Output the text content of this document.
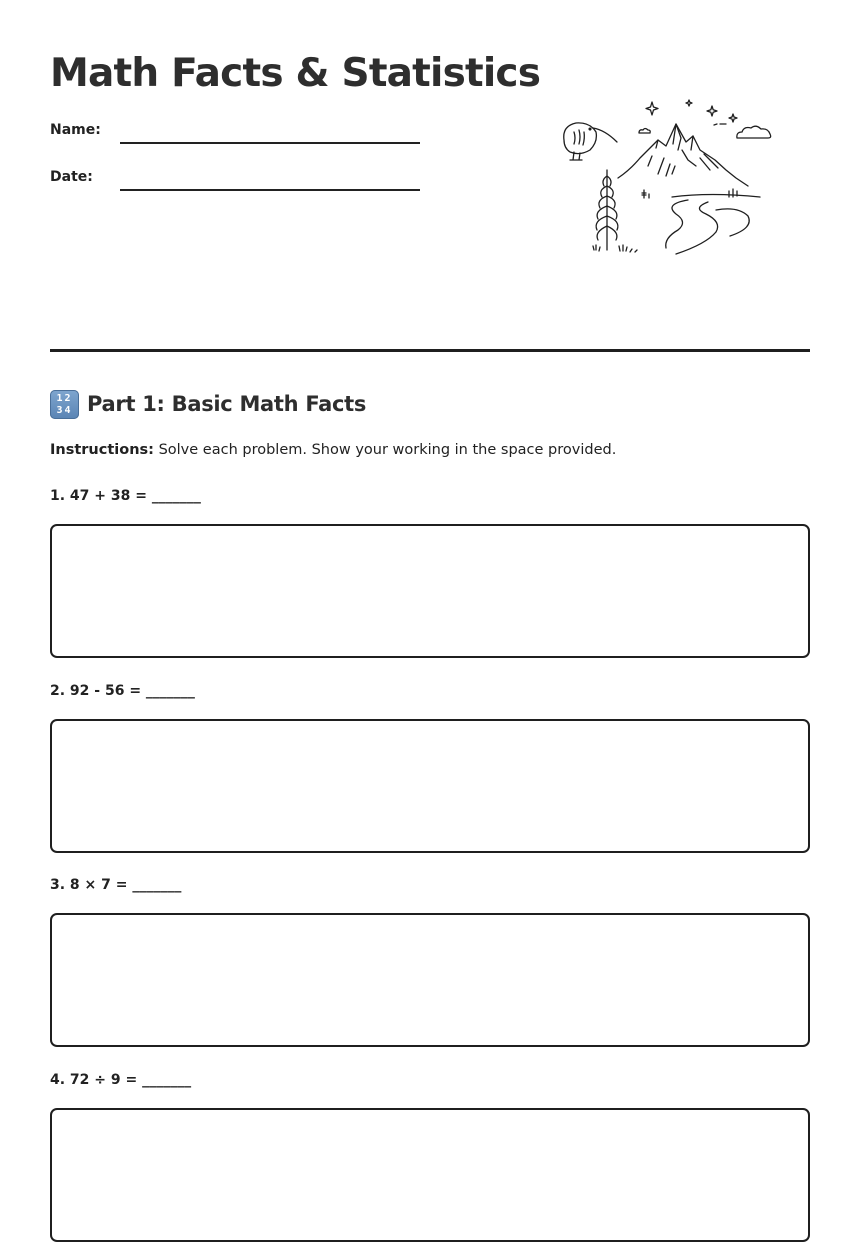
Math Facts & Statistics
Name:
Date:
12
34 Part 1: Basic Math Facts
Instructions: Solve each problem. Show your working in the space provided.
1. 47 + 38 = _______
2. 92 - 56 = _______
3. 8 × 7 = _______
4. 72 ÷ 9 = _______
